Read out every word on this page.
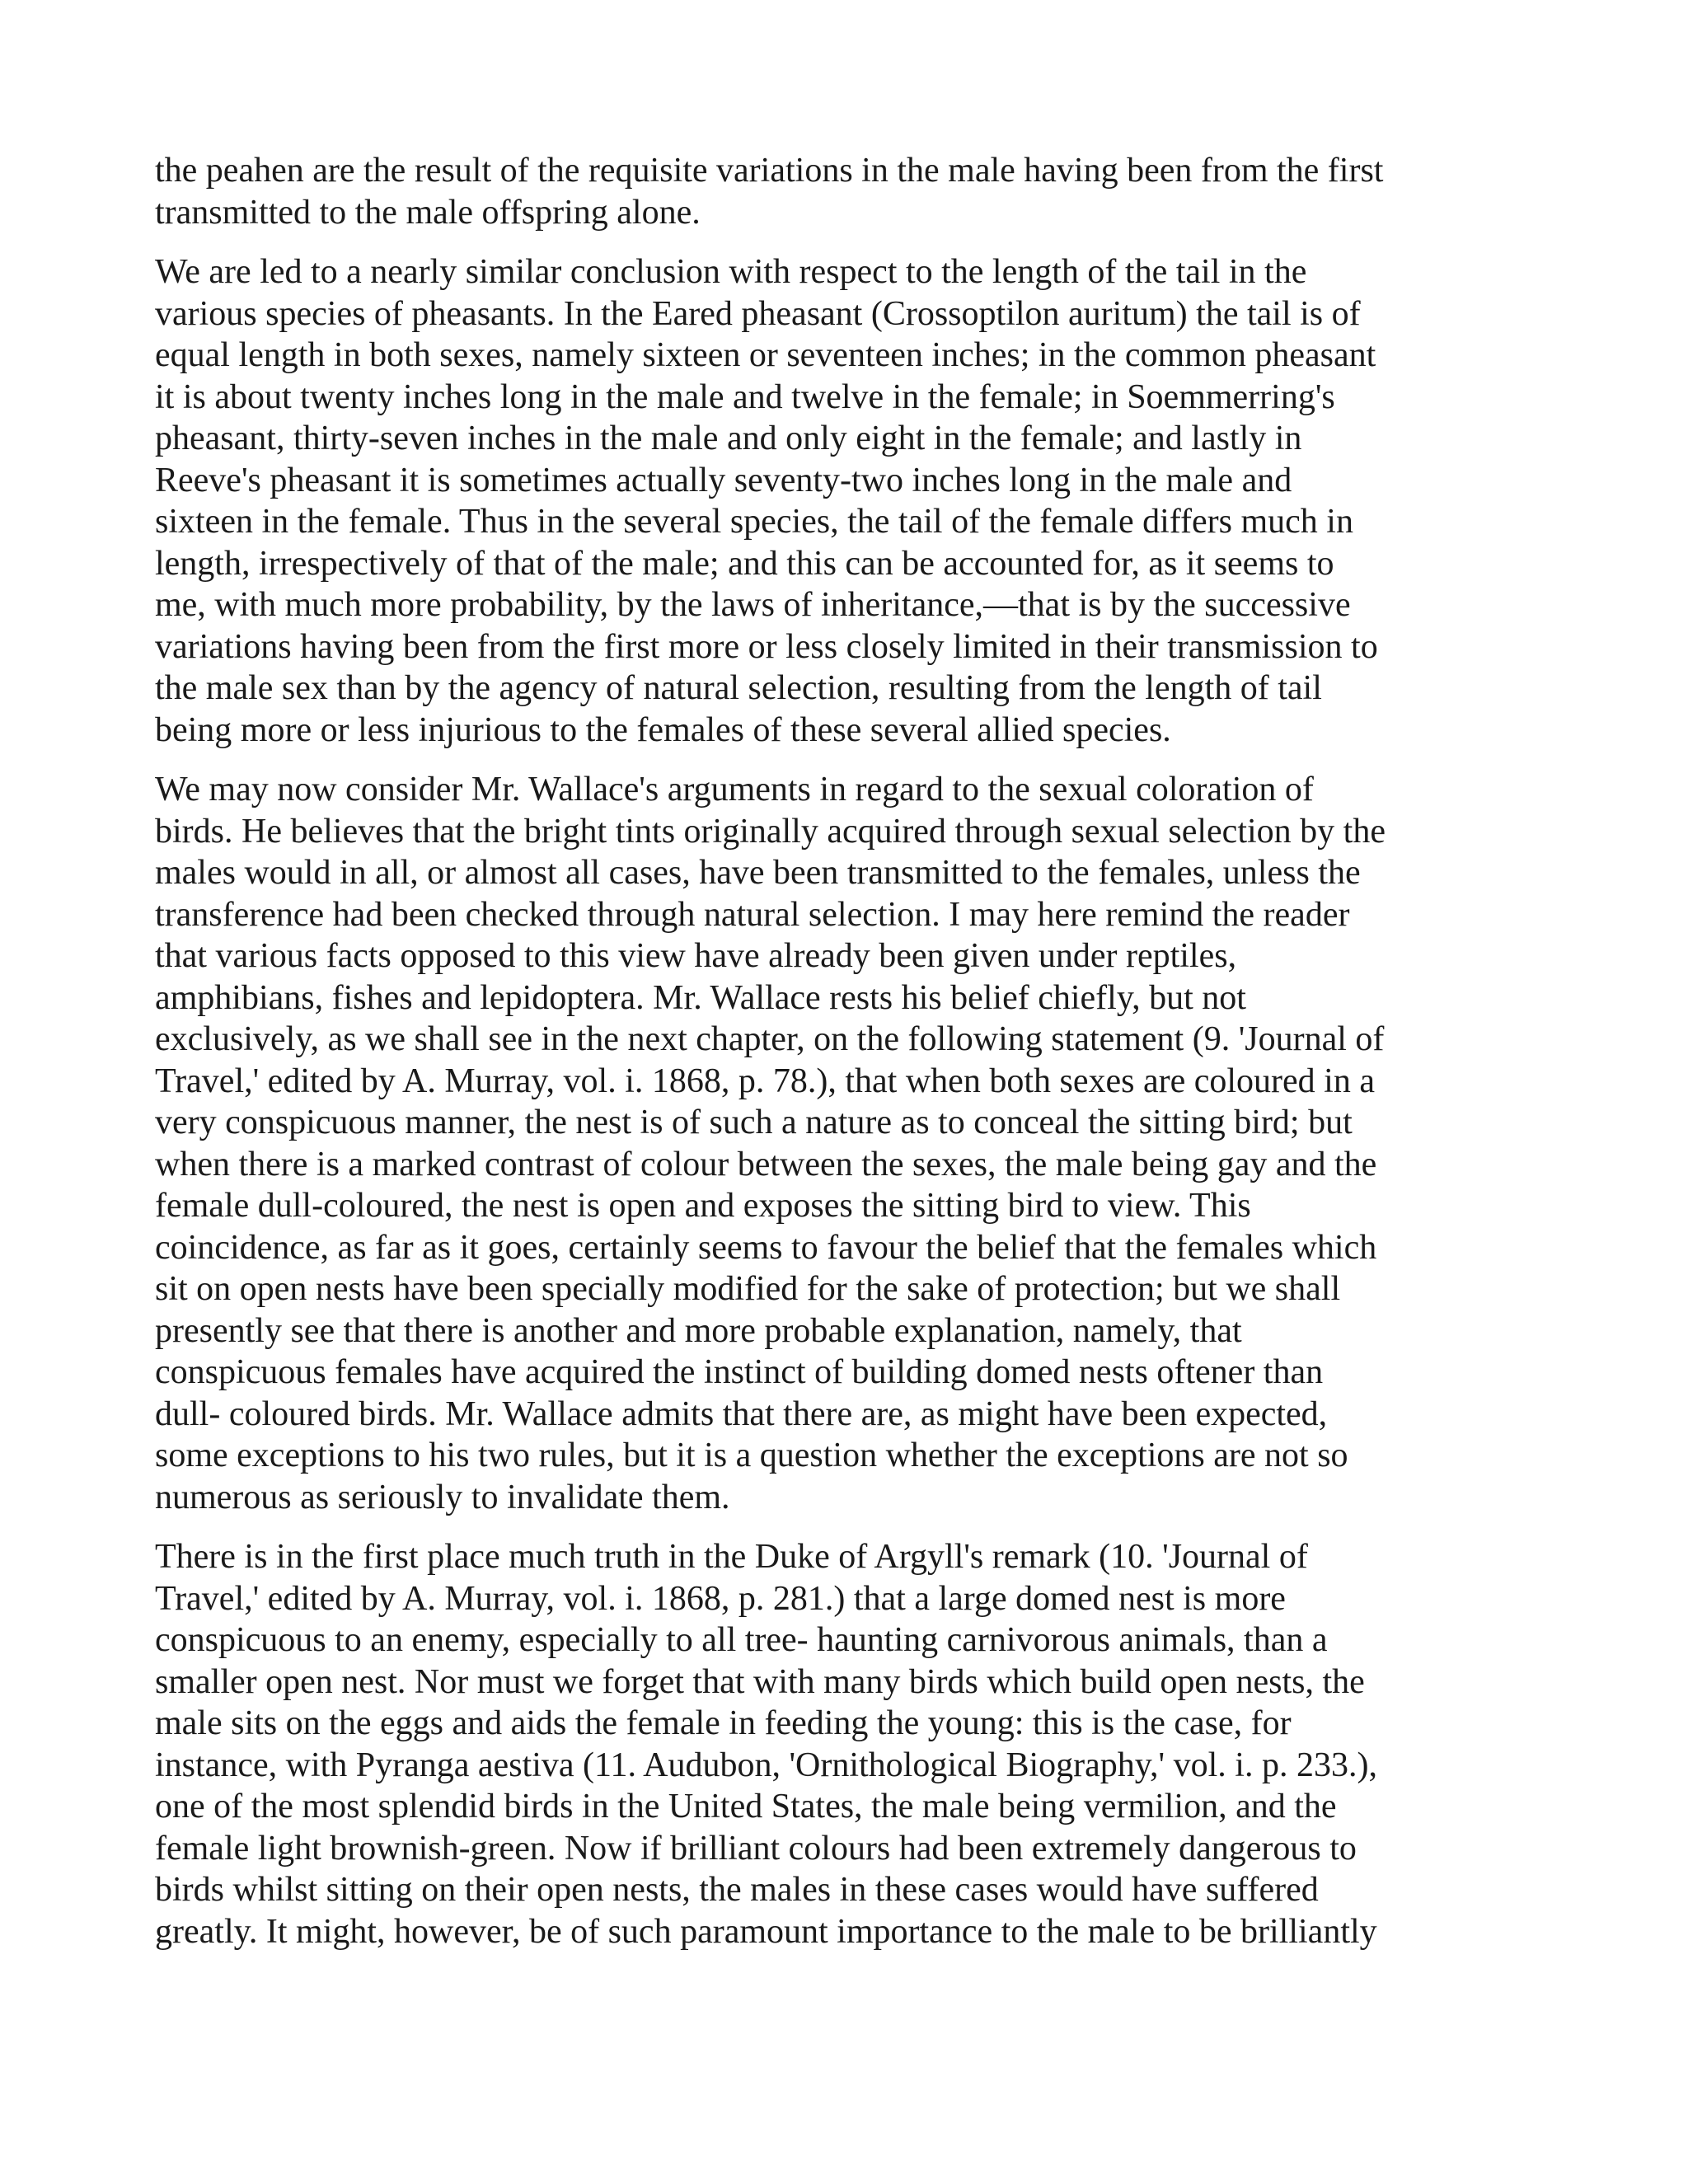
the peahen are the result of the requisite variations in the male having been from the first
transmitted to the male offspring alone.

We are led to a nearly similar conclusion with respect to the length of the tail in the
various species of pheasants. In the Eared pheasant (Crossoptilon auritum) the tail is of
equal length in both sexes, namely sixteen or seventeen inches; in the common pheasant
it is about twenty inches long in the male and twelve in the female; in Soemmerring's
pheasant, thirty-seven inches in the male and only eight in the female; and lastly in
Reeve's pheasant it is sometimes actually seventy-two inches long in the male and
sixteen in the female. Thus in the several species, the tail of the female differs much in
length, irrespectively of that of the male; and this can be accounted for, as it seems to
me, with much more probability, by the laws of inheritance,—that is by the successive
variations having been from the first more or less closely limited in their transmission to
the male sex than by the agency of natural selection, resulting from the length of tail
being more or less injurious to the females of these several allied species.

We may now consider Mr. Wallace's arguments in regard to the sexual coloration of
birds. He believes that the bright tints originally acquired through sexual selection by the
males would in all, or almost all cases, have been transmitted to the females, unless the
transference had been checked through natural selection. I may here remind the reader
that various facts opposed to this view have already been given under reptiles,
amphibians, fishes and lepidoptera. Mr. Wallace rests his belief chiefly, but not
exclusively, as we shall see in the next chapter, on the following statement (9. 'Journal of
Travel,' edited by A. Murray, vol. i. 1868, p. 78.), that when both sexes are coloured in a
very conspicuous manner, the nest is of such a nature as to conceal the sitting bird; but
when there is a marked contrast of colour between the sexes, the male being gay and the
female dull-coloured, the nest is open and exposes the sitting bird to view. This
coincidence, as far as it goes, certainly seems to favour the belief that the females which
sit on open nests have been specially modified for the sake of protection; but we shall
presently see that there is another and more probable explanation, namely, that
conspicuous females have acquired the instinct of building domed nests oftener than
dull- coloured birds. Mr. Wallace admits that there are, as might have been expected,
some exceptions to his two rules, but it is a question whether the exceptions are not so
numerous as seriously to invalidate them.

There is in the first place much truth in the Duke of Argyll's remark (10. 'Journal of
Travel,' edited by A. Murray, vol. i. 1868, p. 281.) that a large domed nest is more
conspicuous to an enemy, especially to all tree- haunting carnivorous animals, than a
smaller open nest. Nor must we forget that with many birds which build open nests, the
male sits on the eggs and aids the female in feeding the young: this is the case, for
instance, with Pyranga aestiva (11. Audubon, 'Ornithological Biography,' vol. i. p. 233.),
one of the most splendid birds in the United States, the male being vermilion, and the
female light brownish-green. Now if brilliant colours had been extremely dangerous to
birds whilst sitting on their open nests, the males in these cases would have suffered
greatly. It might, however, be of such paramount importance to the male to be brilliantly
